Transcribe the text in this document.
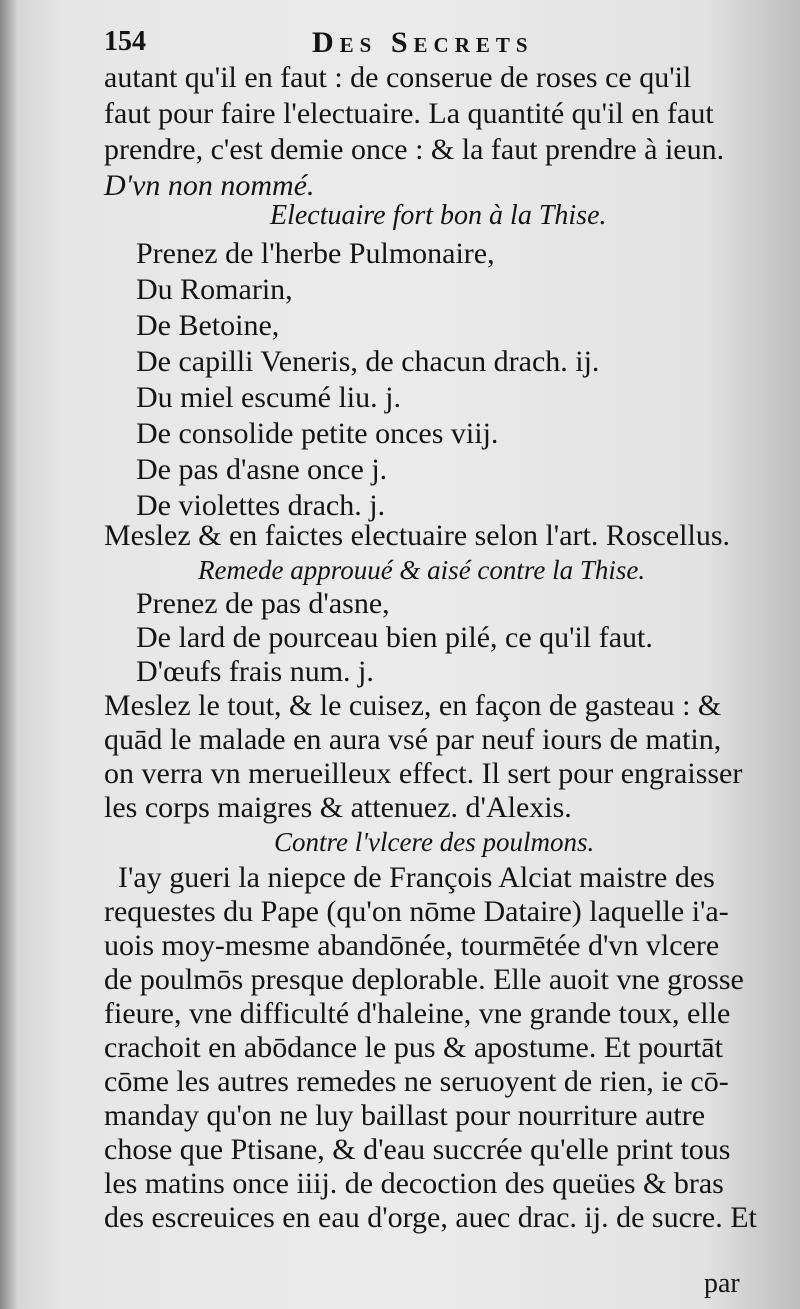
154	Des Secrets
autant qu'il en faut : de conserue de roses ce qu'il
faut pour faire l'electuaire. La quantité qu'il en faut
prendre, c'est demie once : & la faut prendre à ieun.
D'vn non nommé.
Electuaire fort bon à la Thise.
Prenez de l'herbe Pulmonaire,
Du Romarin,
De Betoine,
De capilli Veneris, de chacun drach. ij.
Du miel escumé liu. j.
De consolide petite onces viij.
De pas d'asne once j.
De violettes drach. j.
Meslez & en faictes electuaire selon l'art. Roscellus.
Remede approuué & aisé contre la Thise.
Prenez de pas d'asne,
De lard de pourceau bien pilé, ce qu'il faut.
D'œufs frais num. j.
Meslez le tout, & le cuisez, en façon de gasteau : &
quād le malade en aura vsé par neuf iours de matin,
on verra vn merueilleux effect. Il sert pour engraisser
les corps maigres & attenuez. d'Alexis.
Contre l'vlcere des poulmons.
I'ay gueri la niepce de François Alciat maistre des
requestes du Pape (qu'on nōme Dataire) laquelle i'a-
uois moy-mesme abandōnée, tourmētée d'vn vlcere
de poulmōs presque deplorable. Elle auoit vne grosse
fieure, vne difficulté d'haleine, vne grande toux, elle
crachoit en abōdance le pus & apostume. Et pourtāt
cōme les autres remedes ne seruoyent de rien, ie cō-
manday qu'on ne luy baillast pour nourriture autre
chose que Ptisane, & d'eau succrée qu'elle print tous
les matins once iiij. de decoction des queües & bras
des escreuices en eau d'orge, auec drac. ij. de sucre. Et
par
